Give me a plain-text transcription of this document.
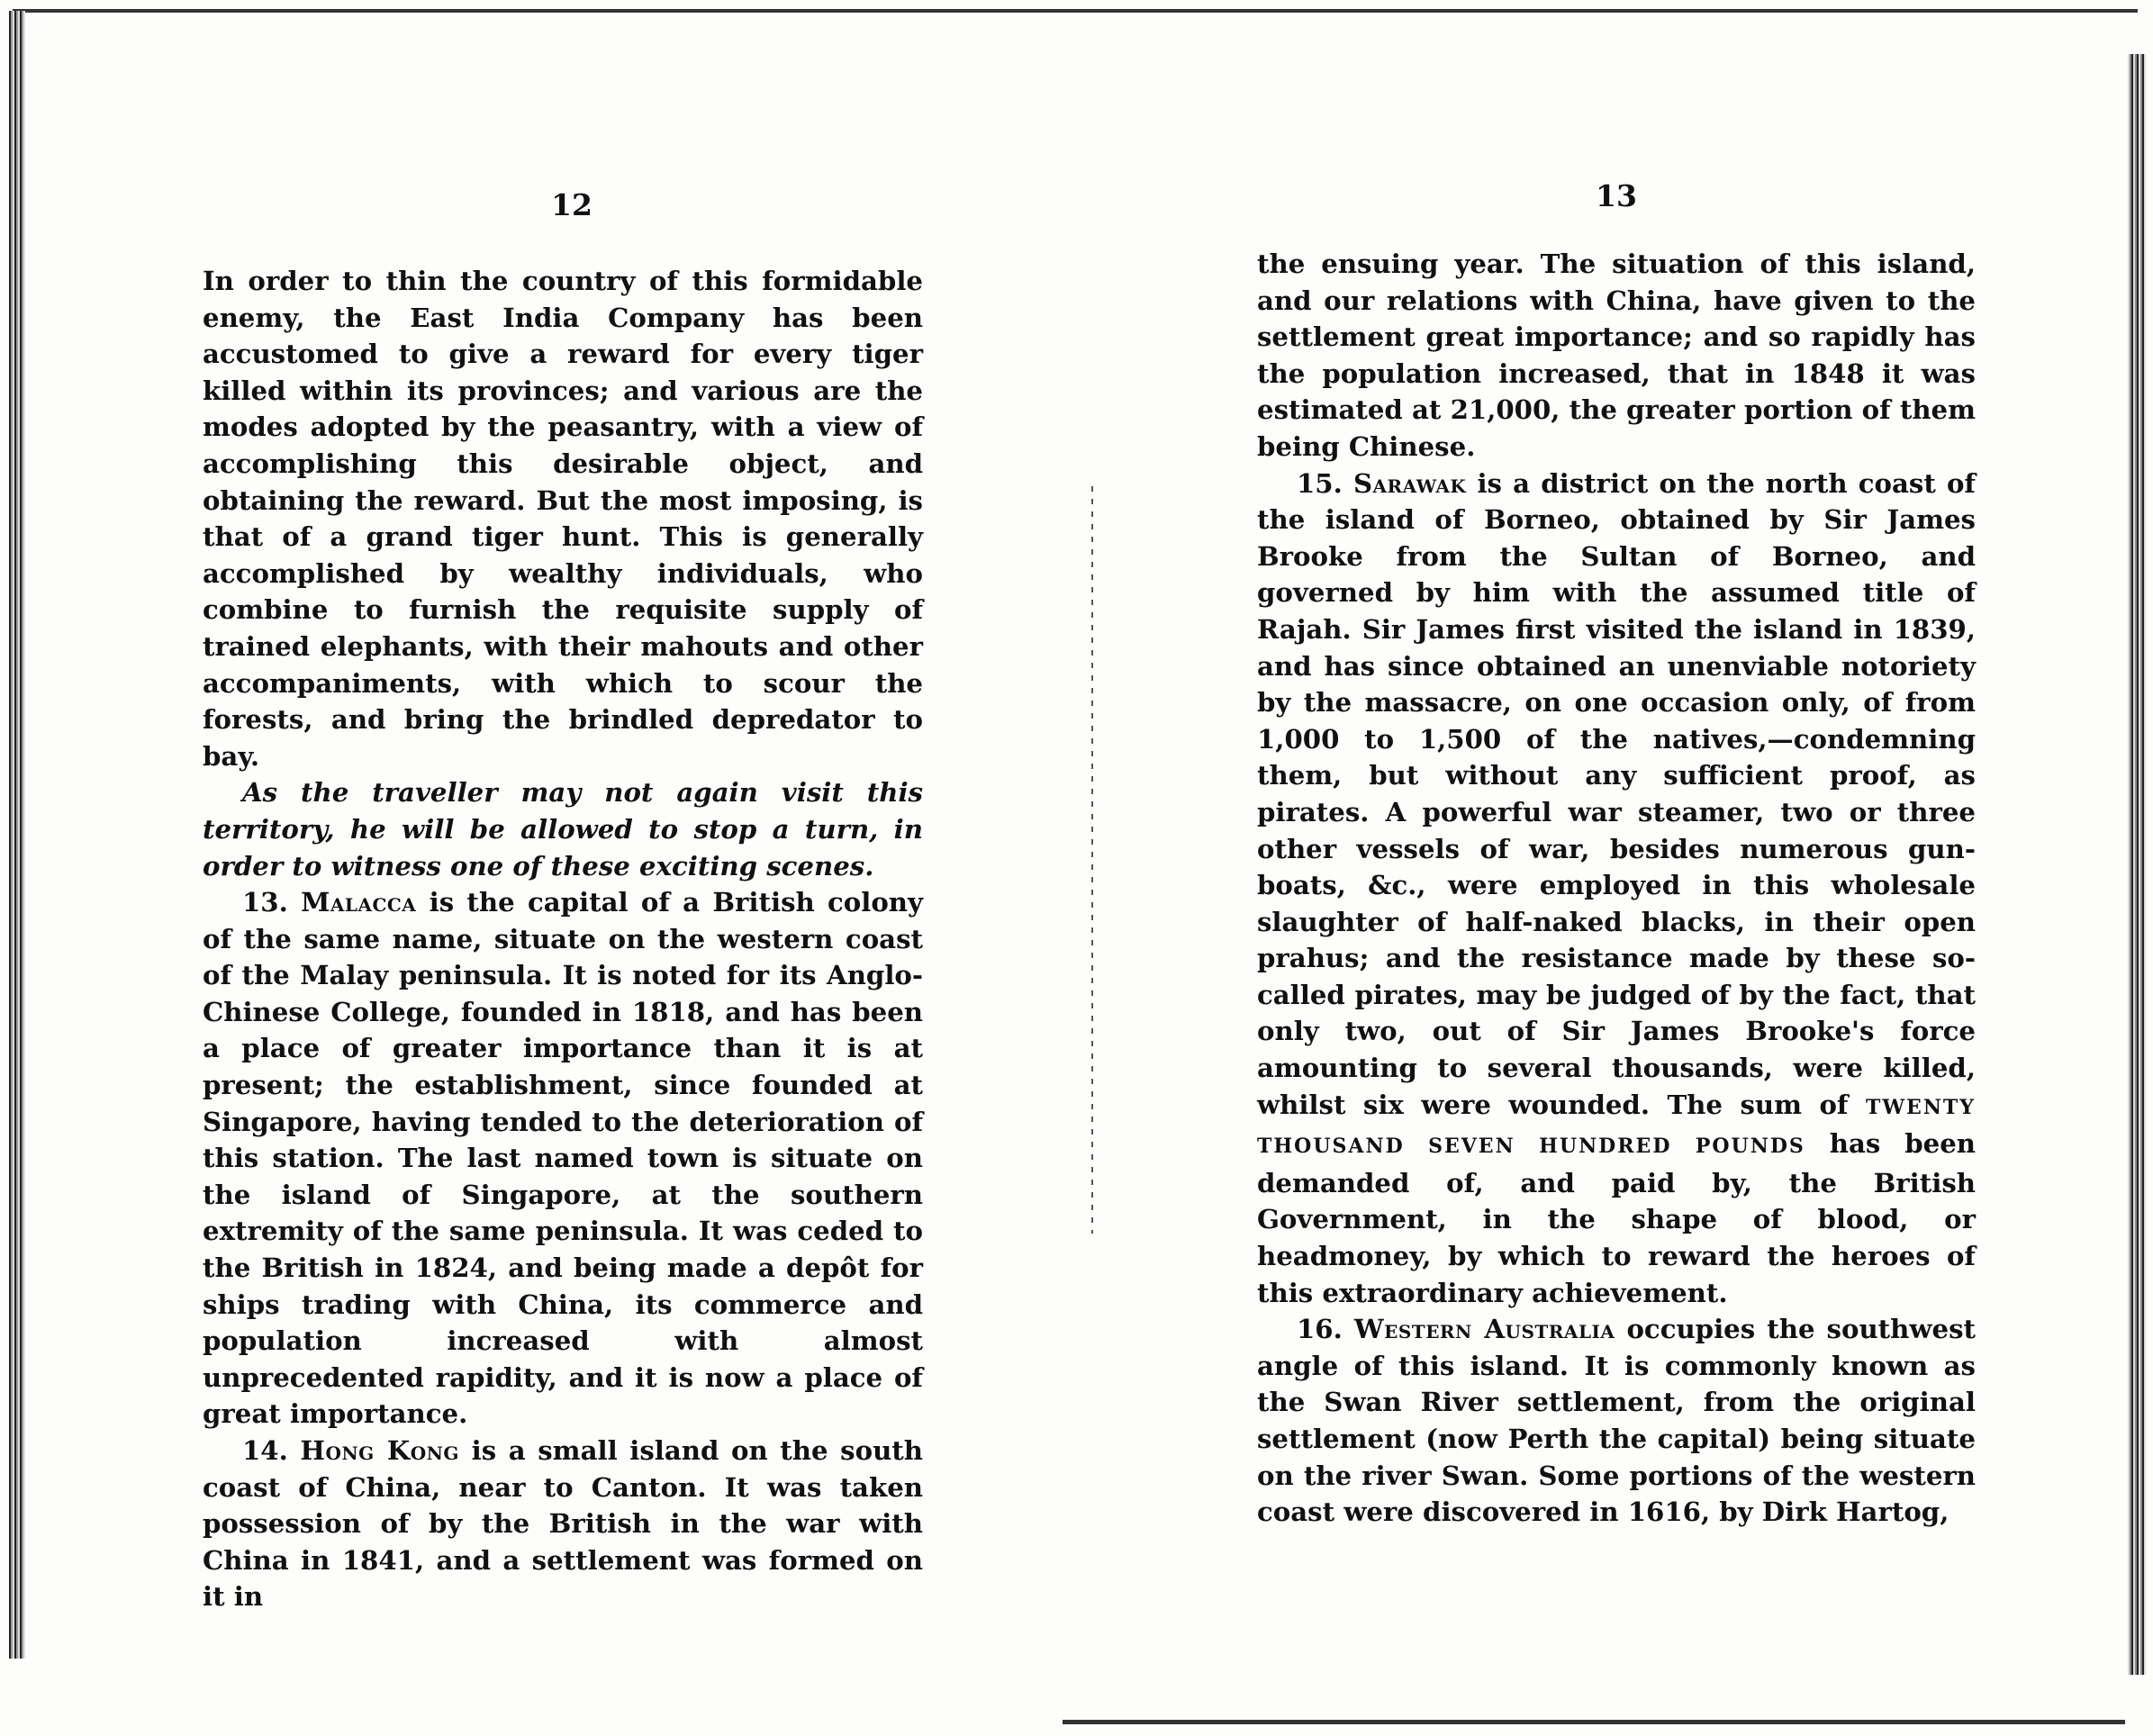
12

In order to thin the country of this formidable enemy, the East India Company has been accustomed to give a reward for every tiger killed within its provinces; and various are the modes adopted by the peasantry, with a view of accomplishing this desirable object, and obtaining the reward. But the most imposing, is that of a grand tiger hunt. This is generally accomplished by wealthy individuals, who combine to furnish the requisite supply of trained elephants, with their mahouts and other accompaniments, with which to scour the forests, and bring the brindled depredator to bay.

As the traveller may not again visit this territory, he will be allowed to stop a turn, in order to witness one of these exciting scenes.

13. Malacca is the capital of a British colony of the same name, situate on the western coast of the Malay peninsula. It is noted for its Anglo-Chinese College, founded in 1818, and has been a place of greater importance than it is at present; the establishment, since founded at Singapore, having tended to the deterioration of this station. The last named town is situate on the island of Singapore, at the southern extremity of the same peninsula. It was ceded to the British in 1824, and being made a depôt for ships trading with China, its commerce and population increased with almost unprecedented rapidity, and it is now a place of great importance.

14. Hong Kong is a small island on the south coast of China, near to Canton. It was taken possession of by the British in the war with China in 1841, and a settlement was formed on it in

13

the ensuing year. The situation of this island, and our relations with China, have given to the settlement great importance; and so rapidly has the population increased, that in 1848 it was estimated at 21,000, the greater portion of them being Chinese.

15. Sarawak is a district on the north coast of the island of Borneo, obtained by Sir James Brooke from the Sultan of Borneo, and governed by him with the assumed title of Rajah. Sir James first visited the island in 1839, and has since obtained an unenviable notoriety by the massacre, on one occasion only, of from 1,000 to 1,500 of the natives,—condemning them, but without any sufficient proof, as pirates. A powerful war steamer, two or three other vessels of war, besides numerous gun-boats, &c., were employed in this wholesale slaughter of half-naked blacks, in their open prahus; and the resistance made by these so-called pirates, may be judged of by the fact, that only two, out of Sir James Brooke's force amounting to several thousands, were killed, whilst six were wounded. The sum of TWENTY THOUSAND SEVEN HUNDRED POUNDS has been demanded of, and paid by, the British Government, in the shape of blood, or headmoney, by which to reward the heroes of this extraordinary achievement.

16. Western Australia occupies the southwest angle of this island. It is commonly known as the Swan River settlement, from the original settlement (now Perth the capital) being situate on the river Swan. Some portions of the western coast were discovered in 1616, by Dirk Hartog,
